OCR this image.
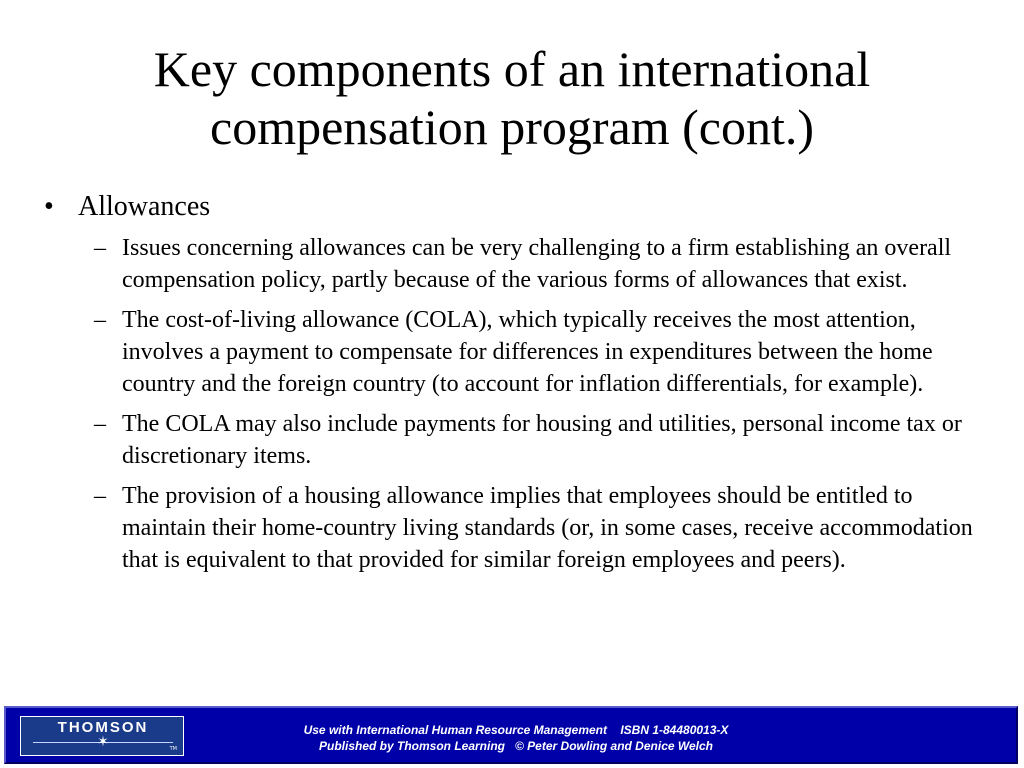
Key components of an international
compensation program (cont.)
• Allowances
– Issues concerning allowances can be very challenging to a firm establishing an overall compensation policy, partly because of the various forms of allowances that exist.
– The cost-of-living allowance (COLA), which typically receives the most attention, involves a payment to compensate for differences in expenditures between the home country and the foreign country (to account for inflation differentials, for example).
– The COLA may also include payments for housing and utilities, personal income tax or discretionary items.
– The provision of a housing allowance implies that employees should be entitled to maintain their home-country living standards (or, in some cases, receive accommodation that is equivalent to that provided for similar foreign employees and peers).
THOMSON
✶	TM
Use with International Human Resource Management    ISBN 1-84480013-X
Published by Thomson Learning   © Peter Dowling and Denice Welch
